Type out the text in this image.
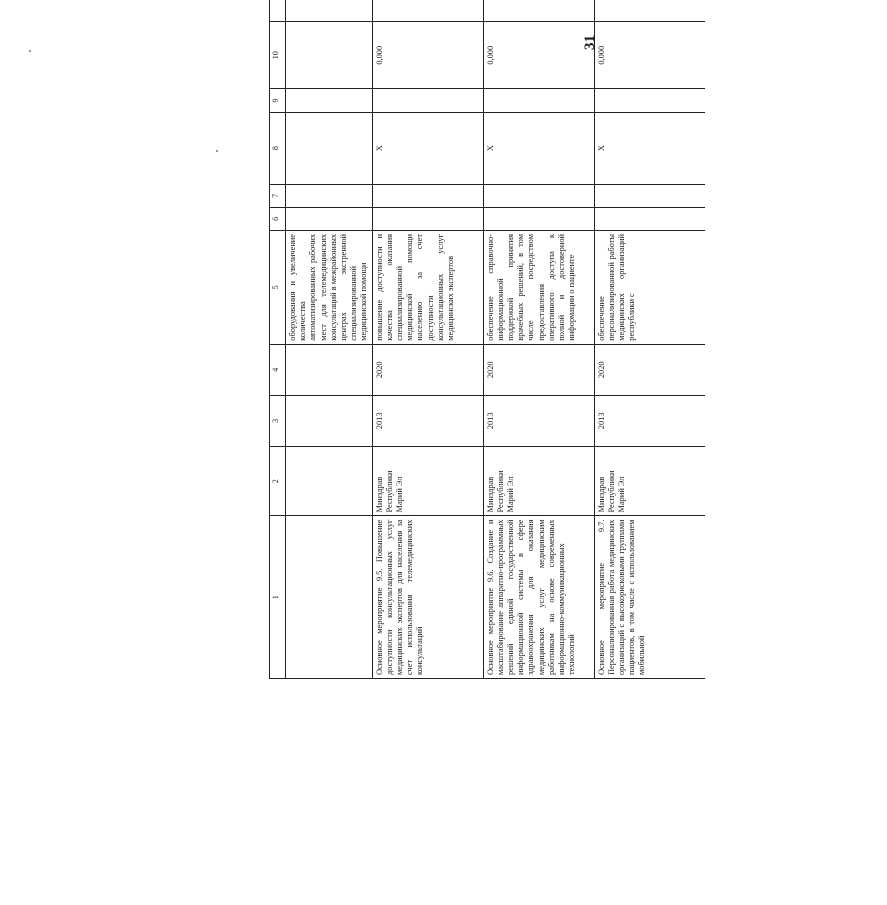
31
1	2	3	4	5	6	7	8	9	10			
				оборудования и увеличение количества автоматизированных рабочих мест для телемедицинских консультаций в межрайонных центрах экстренной специализированной медицинской помощи								
Основное мероприятие 9.5. Повышение доступности консультационных услуг медицинских экспертов для населения за счет использования телемедицинских консультаций	Минздрав Республики Марий Эл	2013	2020	повышение доступности и качества оказания специализированной медицинской помощи населению за счет доступности консультационных услуг медицинских экспертов			X		0,000			
Основное мероприятие 9.6. Создание и масштабирование аппаратно-программных решений единой государственной информационной системы в сфере здравоохранения для оказания медицинских услуг медицинским работникам на основе современных информационно-коммуникационных технологий	Минздрав Республики Марий Эл	2013	2020	обеспечение справочно-информационной поддержкой принятия врачебных решений, в том числе посредством предоставления оперативного доступа к полной и достоверной информации о пациенте			X		0,000			
Основное мероприятие 9.7. Персонализированная работа медицинских организаций с высокорисковыми группами пациентов, в том числе с использованием мобильной	Минздрав Республики Марий Эл	2013	2020	обеспечение персонализированной работы медицинских организаций республики с			X		0,000			
